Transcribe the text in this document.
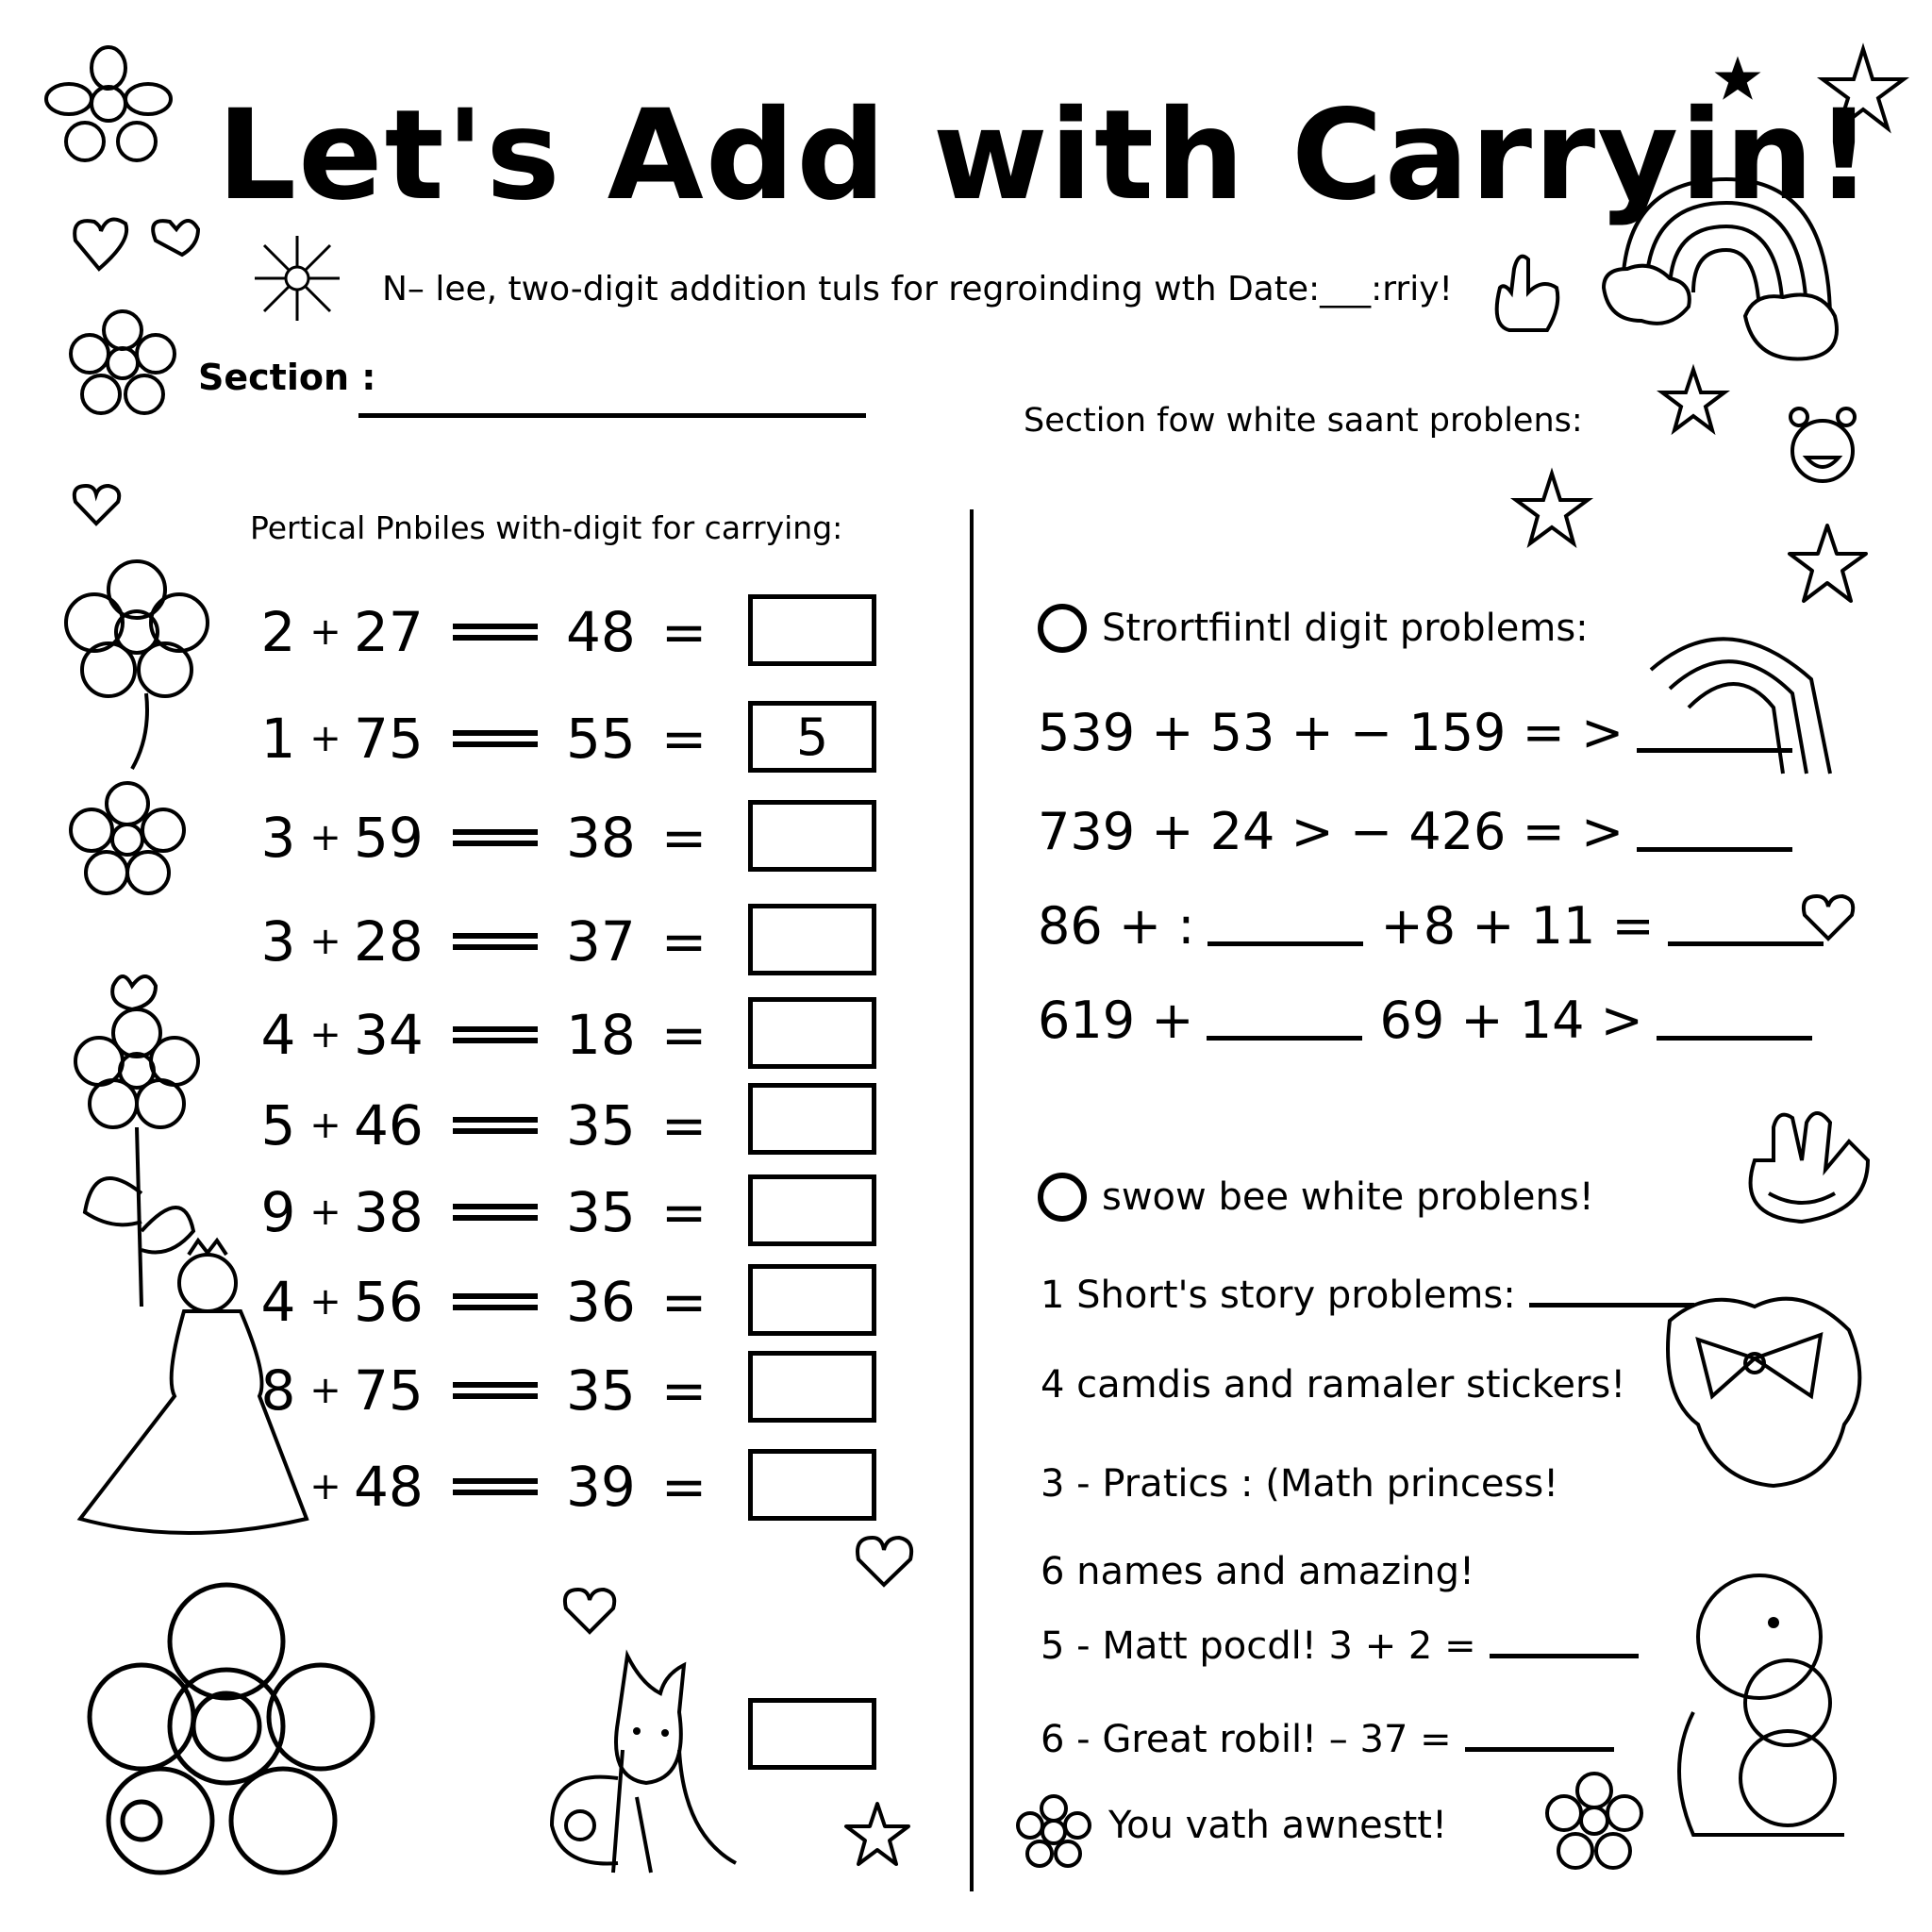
Let's Add with Carryin!
N– lee, two-digit addition tuls for regroinding wth Date:___:rriy!
Section :
Section fow white saant problens:
Pertical Pnbiles with-digit for carrying:
2 + 27	48 =
1 + 75	55 =	5
3 + 59	38 =
3 + 28	37 =
4 + 34	18 =
5 + 46	35 =
9 + 38	35 =
4 + 56	36 =
8 + 75	35 =
+ 48	39 =
Strortfiintl digit problems:
539 + 53 + − 159 = >
739 + 24 > − 426 = >
86 + :	+8 + 11 =
619 +	69 + 14 >
swow bee white problens!
1 Short's story problems:
4 camdis and ramaler stickers!
3 - Pratics : (Math princess!
6 names and amazing!
5 - Matt pocdl! 3 + 2 =
6 - Great robil! – 37 =
You vath awnestt!
